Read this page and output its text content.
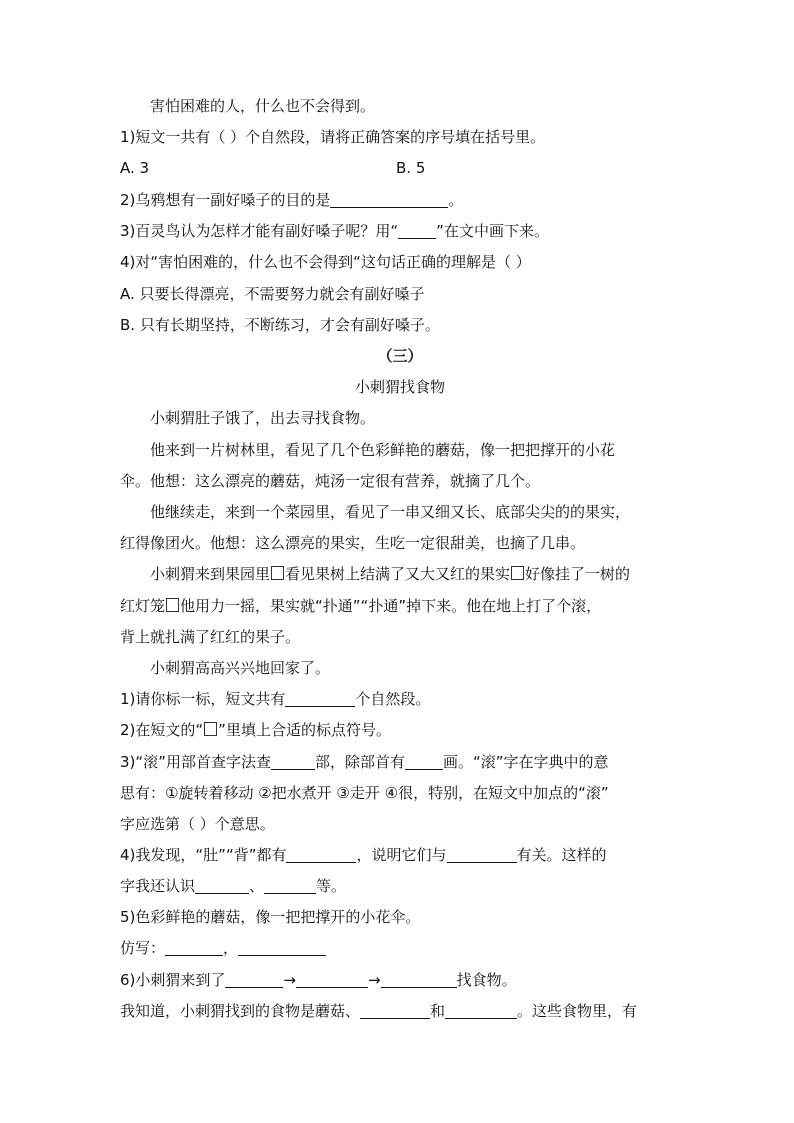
害怕困难的人，什么也不会得到。
1)短文一共有（ ）个自然段，请将正确答案的序号填在括号里。
A. 3	B. 5
2)乌鸦想有一副好嗓子的目的是	。
3)百灵鸟认为怎样才能有副好嗓子呢？用“	”在文中画下来。
4)对“害怕困难的，什么也不会得到“这句话正确的理解是（ ）
A. 只要长得漂亮，不需要努力就会有副好嗓子
B. 只有长期坚持，不断练习，才会有副好嗓子。
（三）
小刺猬找食物
小刺猬肚子饿了，出去寻找食物。
他来到一片树林里，看见了几个色彩鲜艳的蘑菇，像一把把撑开的小花
伞。他想：这么漂亮的蘑菇，炖汤一定很有营养，就摘了几个。
他继续走，来到一个菜园里，看见了一串又细又长、底部尖尖的的果实，
红得像团火。他想：这么漂亮的果实，生吃一定很甜美，也摘了几串。
小刺猬来到果园里 看见果树上结满了又大又红的果实 好像挂了一树的
红灯笼 他用力一摇，果实就“扑通”“扑通”掉下来。他在地上打了个滚，
背上就扎满了红红的果子。
小刺猬高高兴兴地回家了。
1)请你标一标，短文共有	个自然段。
2)在短文的“ ”里填上合适的标点符号。
3)“滚”用部首查字法查	部，除部首有	画。“滚”字在字典中的意
思有：①旋转着移动 ②把水煮开 ③走开 ④很，特别，在短文中加点的“滚”
字应选第（ ）个意思。
4)我发现，“肚”“背”都有	，说明它们与	有关。这样的
字我还认识	、	等。
5)色彩鲜艳的蘑菇，像一把把撑开的小花伞。
仿写：	，
6)小刺猬来到了	→	→	找食物。
我知道，小刺猬找到的食物是蘑菇、	和	。这些食物里，有
